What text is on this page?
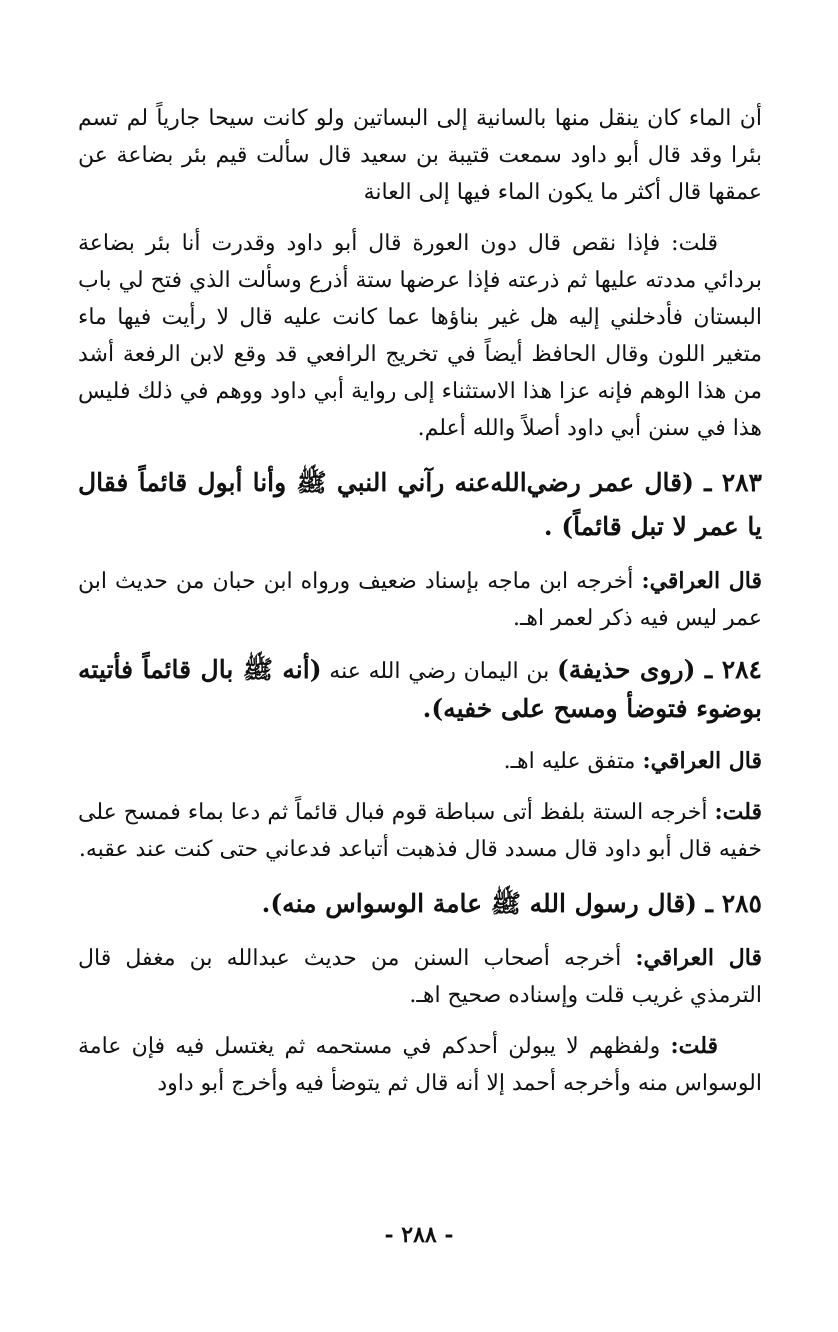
أن الماء كان ينقل منها بالسانية إلى البساتين ولو كانت سيحا جارياً لم تسم بئرا وقد قال أبو داود سمعت قتيبة بن سعيد قال سألت قيم بئر بضاعة عن عمقها قال أكثر ما يكون الماء فيها إلى العانة
قلت: فإذا نقص قال دون العورة قال أبو داود وقدرت أنا بئر بضاعة بردائي مددته عليها ثم ذرعته فإذا عرضها ستة أذرع وسألت الذي فتح لي باب البستان فأدخلني إليه هل غير بناؤها عما كانت عليه قال لا رأيت فيها ماء متغير اللون وقال الحافظ أيضاً في تخريج الرافعي قد وقع لابن الرفعة أشد من هذا الوهم فإنه عزا هذا الاستثناء إلى رواية أبي داود ووهم في ذلك فليس هذا في سنن أبي داود أصلاً والله أعلم.
٢٨٣ ـ (قال عمر رضي‌الله‌عنه رآني النبي ﷺ وأنا أبول قائماً فقال يا عمر لا تبل قائماً) .
قال العراقي: أخرجه ابن ماجه بإسناد ضعيف ورواه ابن حبان من حديث ابن عمر ليس فيه ذكر لعمر اهـ.
٢٨٤ ـ (روى حذيفة) بن اليمان رضي الله عنه (أنه ﷺ بال قائماً فأتيته بوضوء فتوضأ ومسح على خفيه).
قال العراقي: متفق عليه اهـ.
قلت: أخرجه الستة بلفظ أتى سباطة قوم فبال قائماً ثم دعا بماء فمسح على خفيه قال أبو داود قال مسدد قال فذهبت أتباعد فدعاني حتى كنت عند عقبه.
٢٨٥ ـ (قال رسول الله ﷺ عامة الوسواس منه).
قال العراقي: أخرجه أصحاب السنن من حديث عبدالله بن مغفل قال الترمذي غريب قلت وإسناده صحيح اهـ.
قلت: ولفظهم لا يبولن أحدكم في مستحمه ثم يغتسل فيه فإن عامة الوسواس منه وأخرجه أحمد إلا أنه قال ثم يتوضأ فيه وأخرج أبو داود
- ٢٨٨ -
